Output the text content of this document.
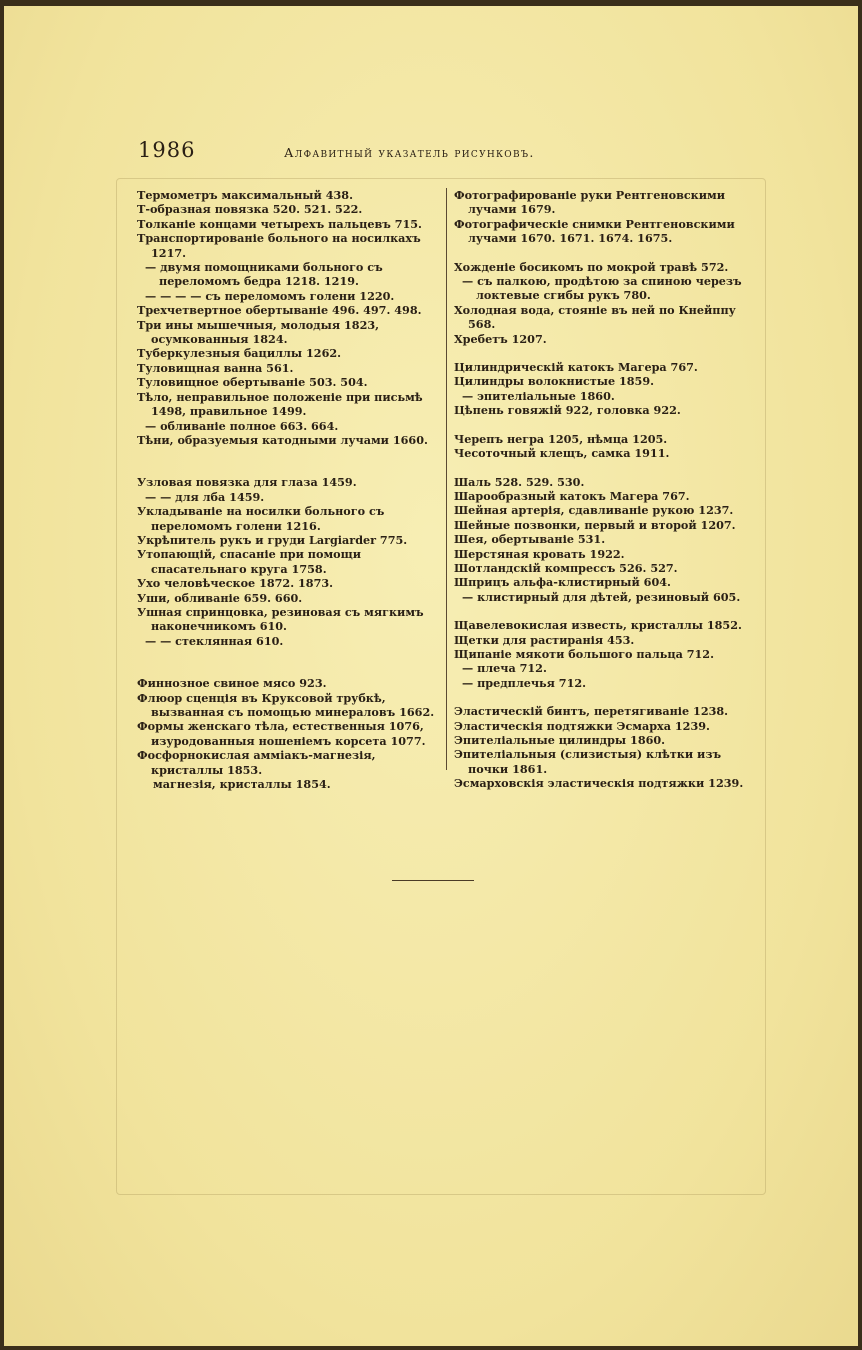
1986	Алфавитный указатель рисунковъ.

Термометръ максимальный 438.

Т-образная повязка 520. 521. 522.

Толканіе концами четырехъ пальцевъ 715.

Транспортированіе больного на носилкахъ 1217.

— двумя помощниками больного съ переломомъ бедра 1218. 1219.

— — — — съ переломомъ голени 1220.

Трехчетвертное обертываніе 496. 497. 498.

Три ины мышечныя, молодыя 1823, осумкованныя 1824.

Туберкулезныя бациллы 1262.

Туловищная ванна 561.

Туловищное обертываніе 503. 504.

Тѣло, неправильное положеніе при письмѣ 1498, правильное 1499.

— обливаніе полное 663. 664.

Тѣни, образуемыя катодными лучами 1660.

Узловая повязка для глаза 1459.

— — для лба 1459.

Укладываніе на носилки больного съ переломомъ голени 1216.

Укрѣпитель рукъ и груди Largiarder 775.

Утопающій, спасаніе при помощи спасательнаго круга 1758.

Ухо человѣческое 1872. 1873.

Уши, обливаніе 659. 660.

Ушная спринцовка, резиновая съ мягкимъ наконечникомъ 610.

— — стеклянная 610.

Финнозное свиное мясо 923.

Флюор сценція въ Круксовой трубкѣ, вызванная съ помощью минераловъ 1662.

Формы женскаго тѣла, естественныя 1076, изуродованныя ношеніемъ корсета 1077.

Фосфорнокислая аммiакъ-магнезія, кристаллы 1853.

магнезія, кристаллы 1854.

Фотографированіе руки Рентгеновскими лучами 1679.

Фотографическіе снимки Рентгеновскими лучами 1670. 1671. 1674. 1675.

Хожденіе босикомъ по мокрой травѣ 572.

— съ палкою, продѣтою за спиною черезъ локтевые сгибы рукъ 780.

Холодная вода, стояніе въ ней по Кнейппу 568.

Хребетъ 1207.

Цилиндрическій катокъ Магера 767.

Цилиндры волокнистые 1859.

— эпителіальные 1860.

Цѣпень говяжій 922, головка 922.

Черепъ негра 1205, нѣмца 1205.

Чесоточный клещъ, самка 1911.

Шаль 528. 529. 530.

Шарообразный катокъ Магера 767.

Шейная артерія, сдавливаніе рукою 1237.

Шейные позвонки, первый и второй 1207.

Шея, обертываніе 531.

Шерстяная кровать 1922.

Шотландскій компрессъ 526. 527.

Шприцъ альфа-клистирный 604.

— клистирный для дѣтей, резиновый 605.

Щавелевокислая известь, кристаллы 1852.

Щетки для растиранія 453.

Щипаніе мякоти большого пальца 712.

— плеча 712.

— предплечья 712.

Эластическій бинтъ, перетягиваніе 1238.

Эластическія подтяжки Эсмарха 1239.

Эпителіальные цилиндры 1860.

Эпителіальныя (слизистыя) клѣтки изъ почки 1861.

Эсмарховскія эластическія подтяжки 1239.
